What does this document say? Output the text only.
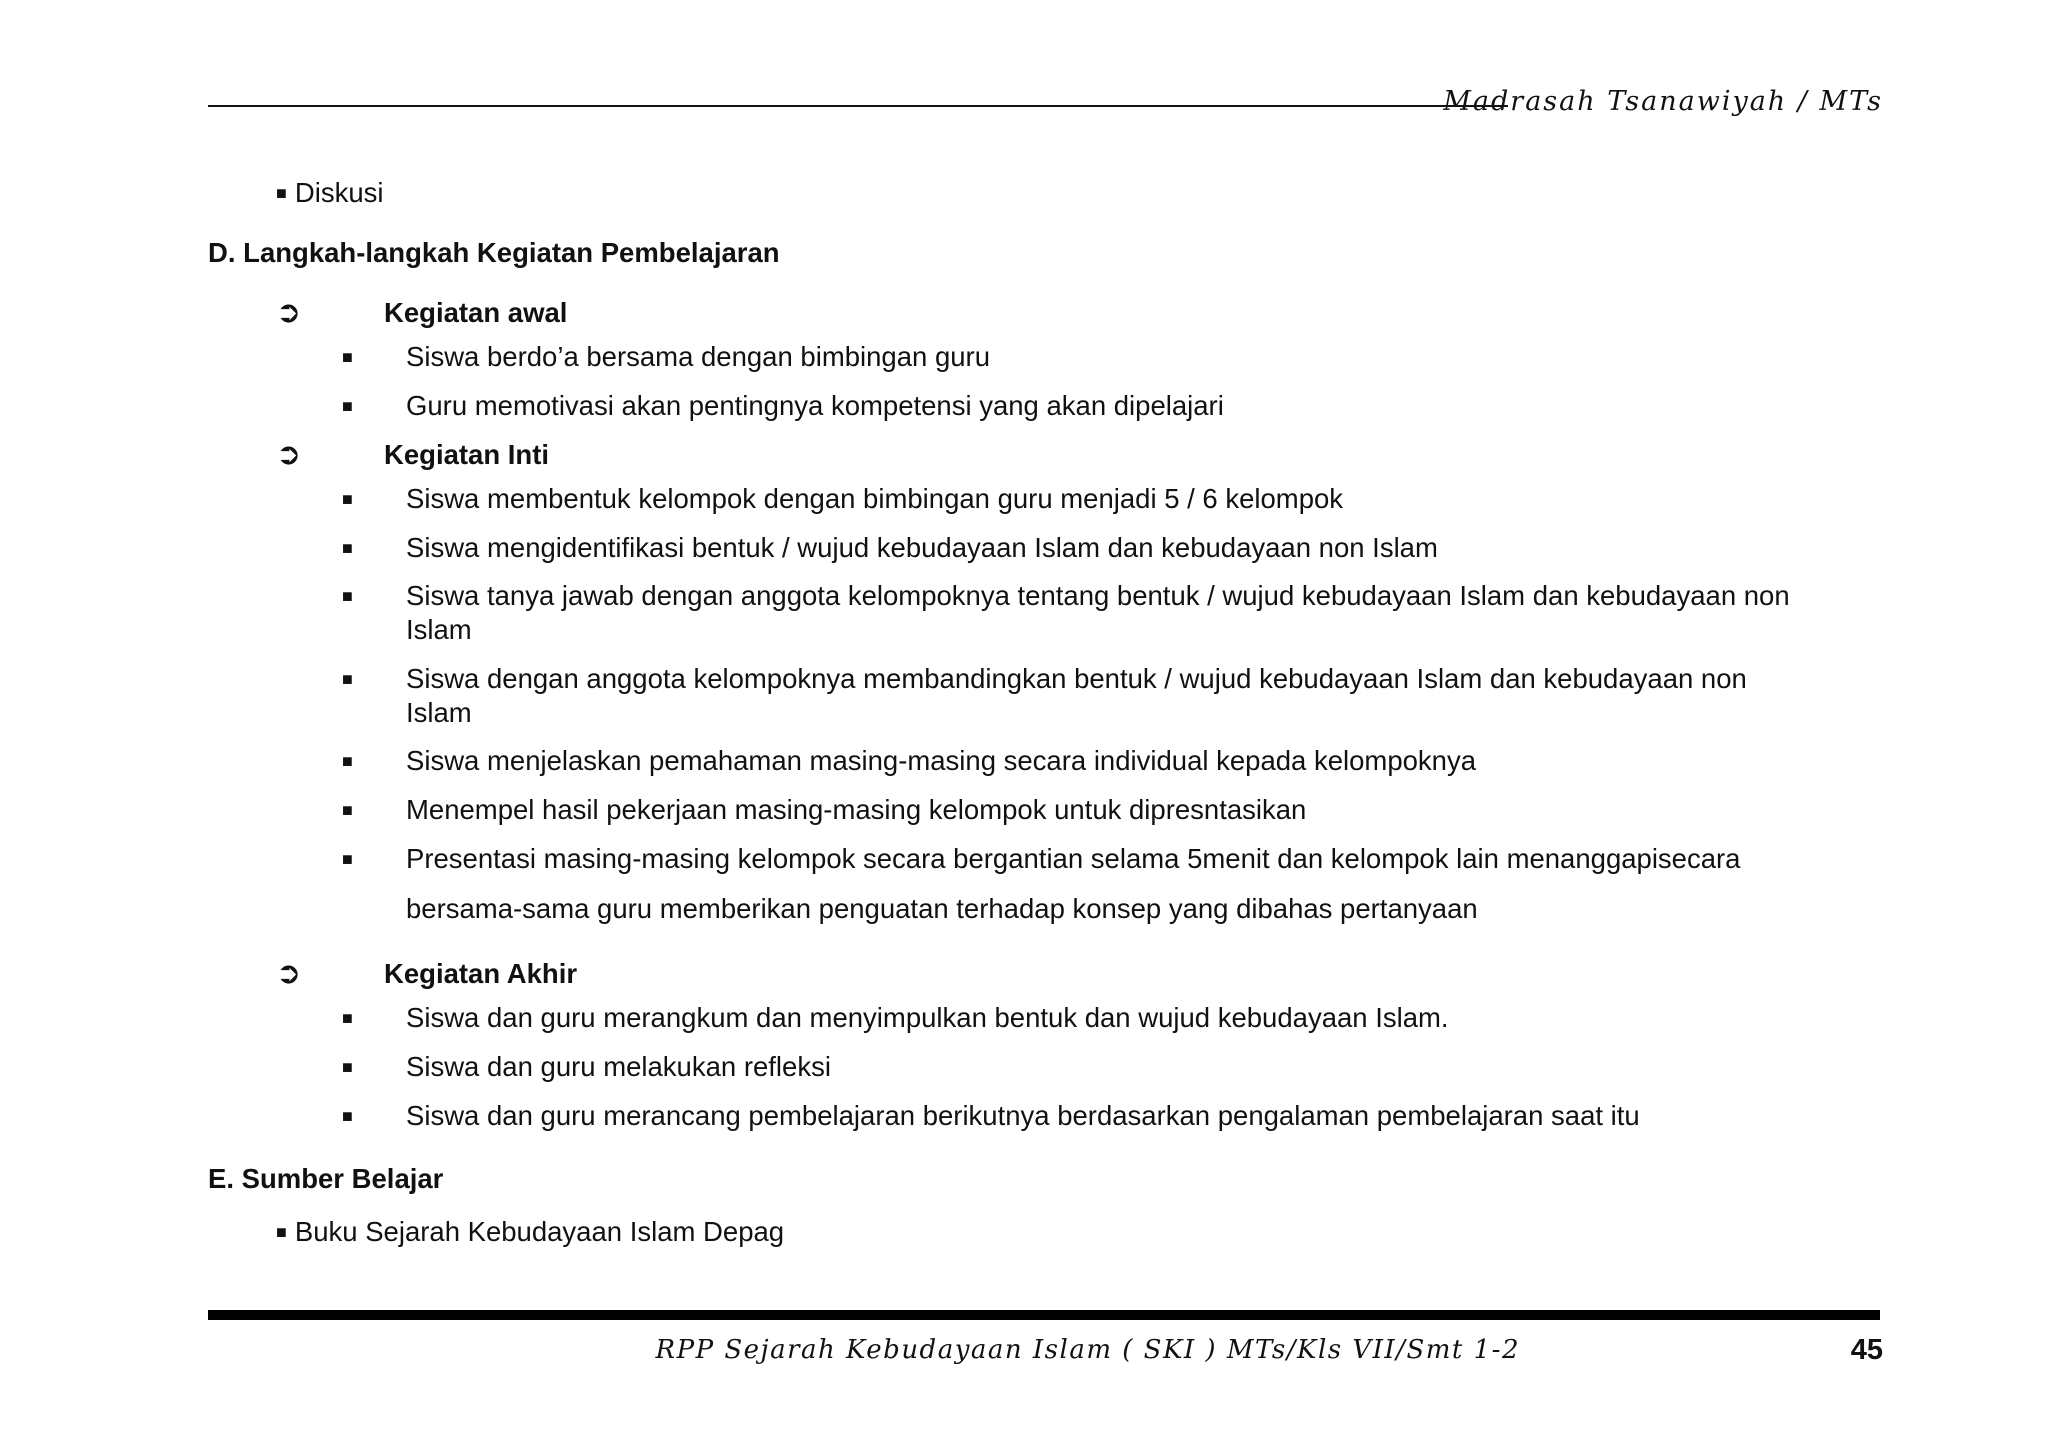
Madrasah Tsanawiyah / MTs
■ Diskusi
D. Langkah-langkah Kegiatan Pembelajaran
➲	Kegiatan awal
■ Siswa berdo’a bersama dengan bimbingan guru
■ Guru memotivasi akan pentingnya kompetensi yang akan dipelajari
➲	Kegiatan Inti
■ Siswa membentuk kelompok dengan bimbingan guru menjadi 5 / 6 kelompok
■ Siswa mengidentifikasi bentuk / wujud kebudayaan Islam dan kebudayaan non Islam
■ Siswa tanya jawab dengan anggota kelompoknya tentang bentuk / wujud kebudayaan Islam dan kebudayaan non
Islam
■ Siswa dengan anggota kelompoknya membandingkan bentuk / wujud kebudayaan Islam dan kebudayaan non
Islam
■ Siswa menjelaskan pemahaman masing-masing secara individual kepada kelompoknya
■ Menempel hasil pekerjaan masing-masing kelompok untuk dipresntasikan
■ Presentasi masing-masing kelompok secara bergantian selama 5menit dan kelompok lain menanggapisecara
bersama-sama guru memberikan penguatan terhadap konsep yang dibahas pertanyaan
➲	Kegiatan Akhir
■ Siswa dan guru merangkum dan menyimpulkan bentuk dan wujud kebudayaan Islam.
■ Siswa dan guru melakukan refleksi
■ Siswa dan guru merancang pembelajaran berikutnya berdasarkan pengalaman pembelajaran saat itu
E. Sumber Belajar
■ Buku Sejarah Kebudayaan Islam Depag
RPP Sejarah Kebudayaan Islam ( SKI ) MTs/Kls VII/Smt 1-2	45
